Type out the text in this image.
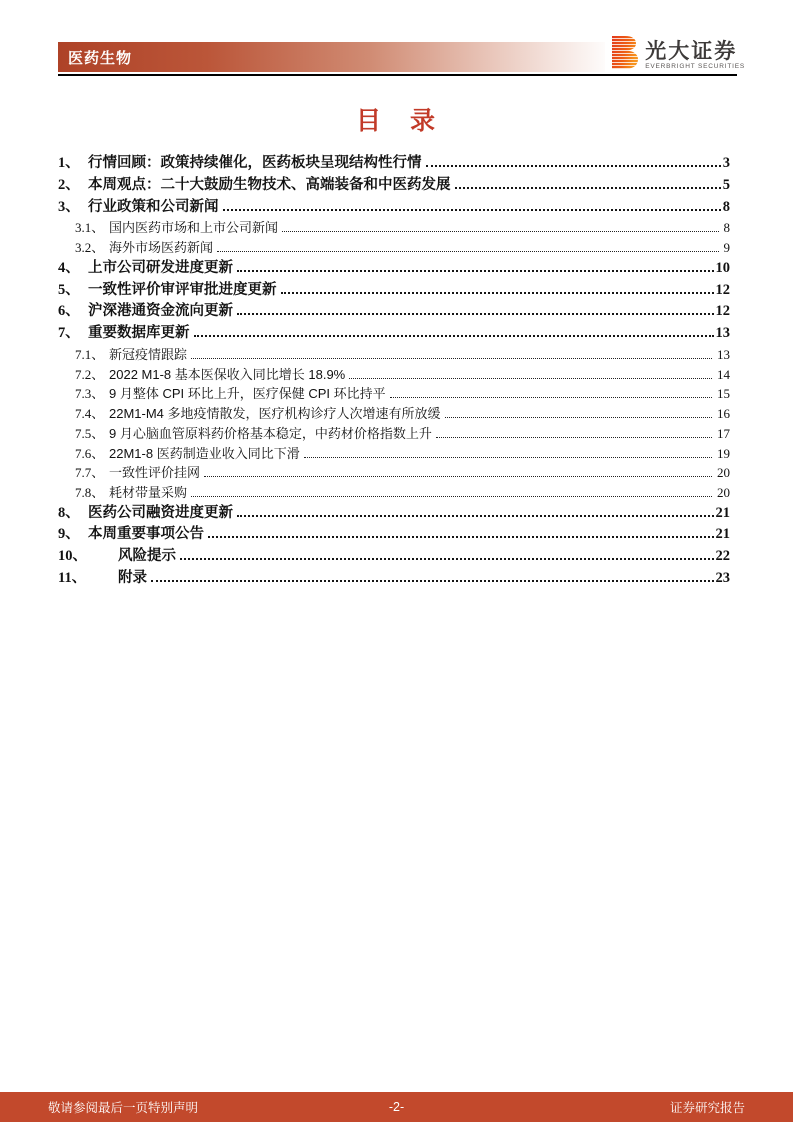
医药生物	光大证券
EVERBRIGHT SECURITIES
目　录
1、 行情回顾：政策持续催化，医药板块呈现结构性行情	3
2、 本周观点：二十大鼓励生物技术、高端装备和中医药发展	5
3、 行业政策和公司新闻	8
3.1、 国内医药市场和上市公司新闻	8
3.2、 海外市场医药新闻	9
4、 上市公司研发进度更新	10
5、 一致性评价审评审批进度更新	12
6、 沪深港通资金流向更新	12
7、 重要数据库更新	13
7.1、 新冠疫情跟踪	13
7.2、 2022 M1-8 基本医保收入同比增长 18.9%	14
7.3、 9 月整体 CPI 环比上升，医疗保健 CPI 环比持平	15
7.4、 22M1-M4 多地疫情散发，医疗机构诊疗人次增速有所放缓	16
7.5、 9 月心脑血管原料药价格基本稳定，中药材价格指数上升	17
7.6、 22M1-8 医药制造业收入同比下滑	19
7.7、 一致性评价挂网	20
7.8、 耗材带量采购	20
8、 医药公司融资进度更新	21
9、 本周重要事项公告	21
10、	风险提示	22
11、	附录	23
敬请参阅最后一页特别声明	-2-	证券研究报告
